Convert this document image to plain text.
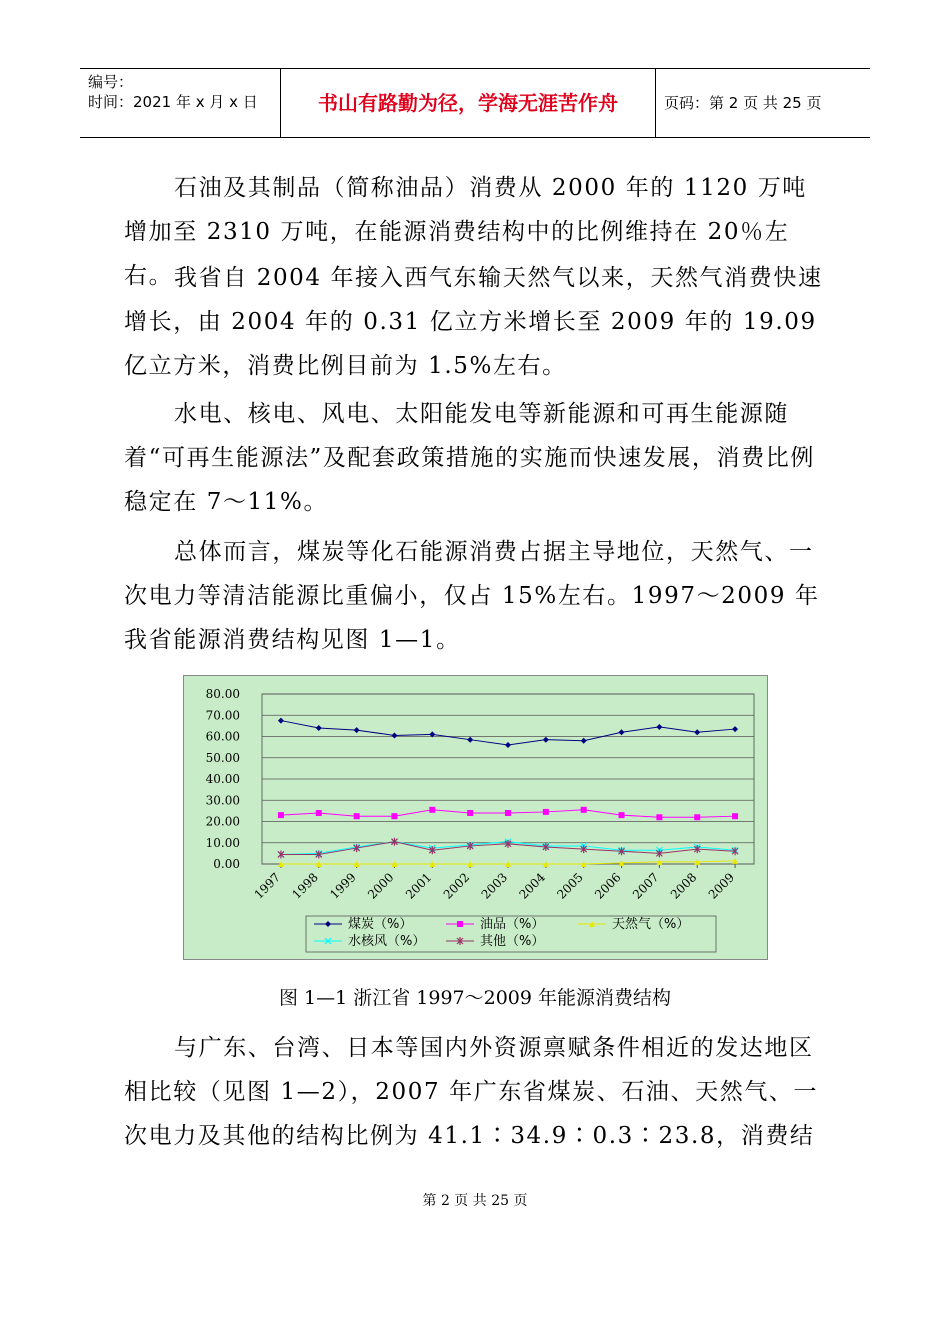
编号：
时间：2021 年 x 月 x 日	书山有路勤为径，学海无涯苦作舟	页码：第 2 页 共 25 页

石油及其制品（简称油品）消费从 2000 年的 1120 万吨增加至 2310 万吨，在能源消费结构中的比例维持在 20％左右。 我省自 2004 年接入西气东输天然气以来，天然气消费快速增长，由 2004 年的 0.31 亿立方米增长至 2009 年的 19.09 亿立方米，消费比例目前为 1.5%左右。

水电、核电、风电、太阳能发电等新能源和可再生能源随着“可再生能源法”及配套政策措施的实施而快速发展，消费比例稳定在 7～11%。

总体而言，煤炭等化石能源消费占据主导地位，天然气、一次电力等清洁能源比重偏小，仅占 15%左右。1997～2009 年我省能源消费结构见图 1—1。

0.00
10.00
20.00
30.00
40.00
50.00
60.00
70.00
80.00
1997 1998 1999 2000 2001 2002 2003 2004 2005 2006 2007 2008 2009
煤炭（%）	油品（%）	天然气（%）
水核风（%）	其他（%）
图 1—1 浙江省 1997～2009 年能源消费结构

与广东、台湾、日本等国内外资源禀赋条件相近的发达地区相比较（见图 1—2），2007 年广东省煤炭、石油、天然气、一次电力及其他的结构比例为 41.1∶34.9∶0.3∶23.8，消费结

第 2 页 共 25 页
